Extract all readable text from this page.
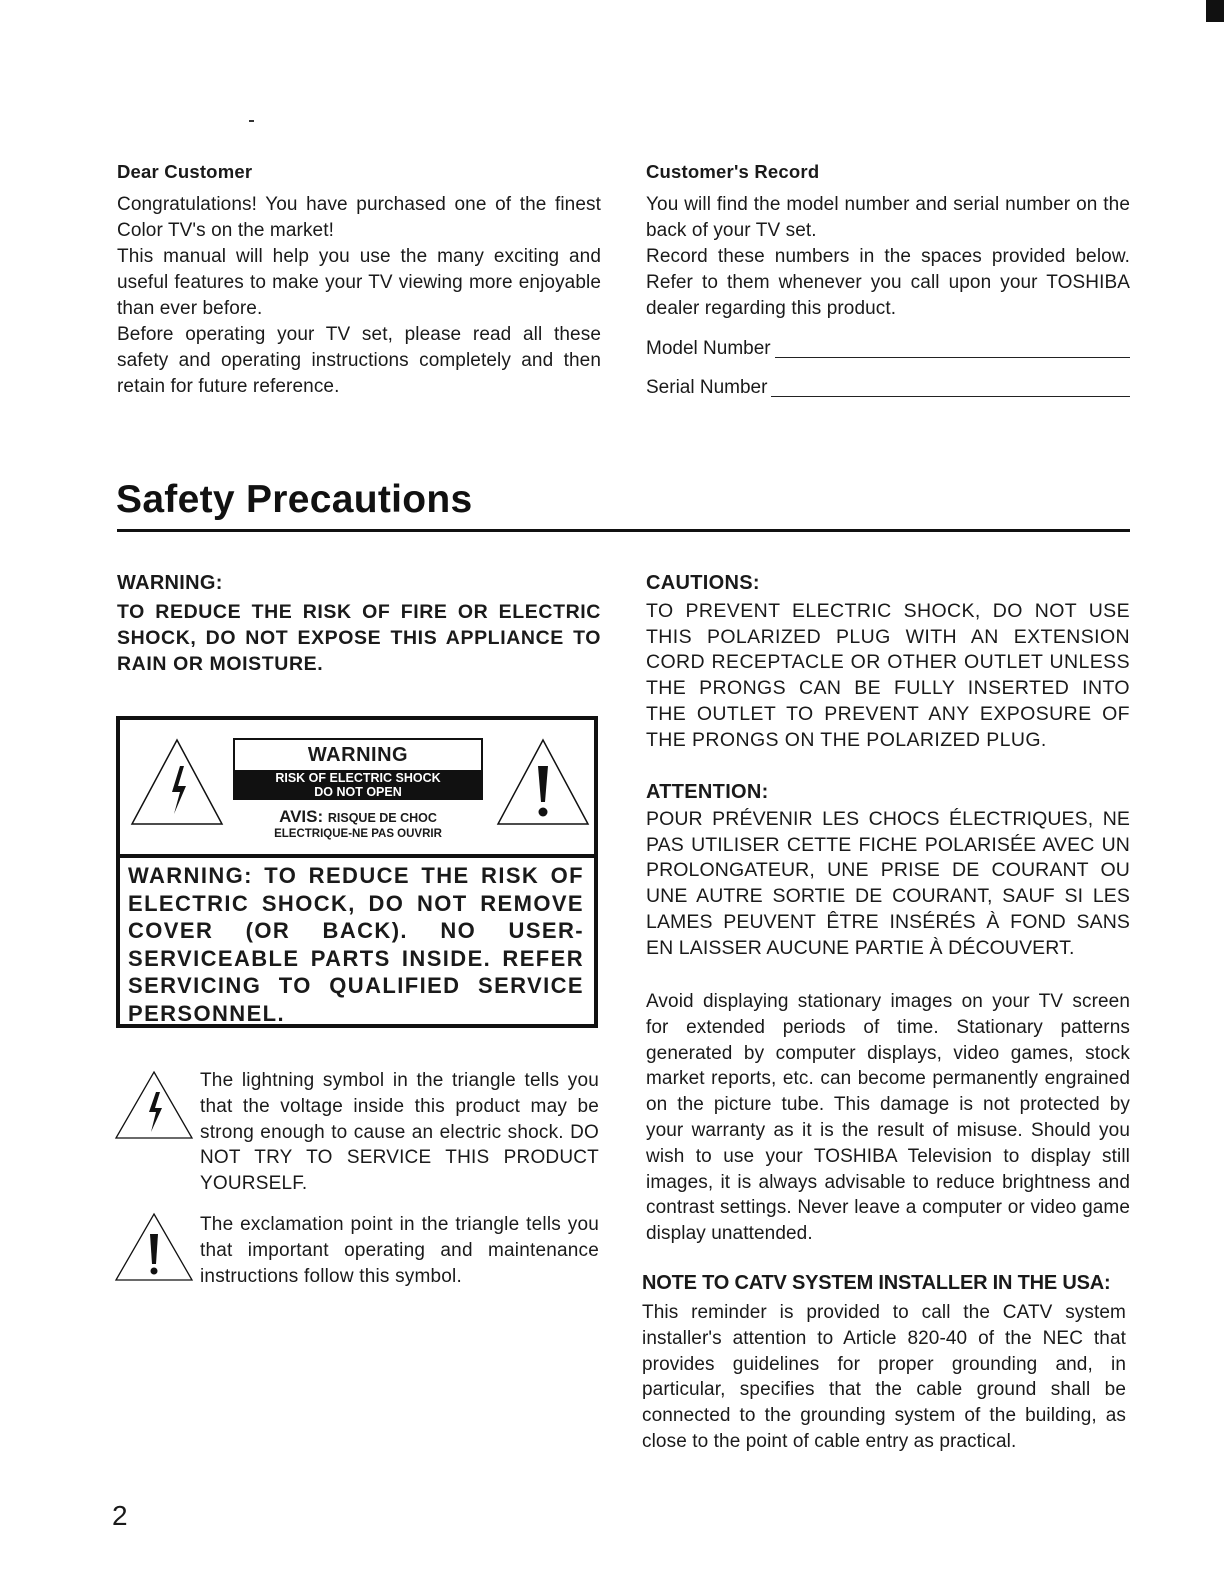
Dear Customer

Congratulations! You have purchased one of the finest Color TV's on the market!

This manual will help you use the many exciting and useful features to make your TV viewing more enjoyable than ever before.

Before operating your TV set, please read all these safety and operating instructions completely and then retain for future reference.

Customer's Record

You will find the model number and serial number on the back of your TV set.

Record these numbers in the spaces provided below. Refer to them whenever you call upon your TOSHIBA dealer regarding this product.

Model Number
Serial Number
Safety Precautions
WARNING:
TO REDUCE THE RISK OF FIRE OR ELECTRIC SHOCK, DO NOT EXPOSE THIS APPLIANCE TO RAIN OR MOISTURE.
WARNING
RISK OF ELECTRIC SHOCK
DO NOT OPEN
AVIS: RISQUE DE CHOC
ELECTRIQUE-NE PAS OUVRIR
WARNING: TO REDUCE THE RISK OF ELECTRIC SHOCK, DO NOT REMOVE COVER (OR BACK). NO USER-SERVICEABLE PARTS INSIDE. REFER SERVICING TO QUALIFIED SERVICE PERSONNEL.
The lightning symbol in the triangle tells you that the voltage inside this product may be strong enough to cause an electric shock. DO NOT TRY TO SERVICE THIS PRODUCT YOURSELF.
The exclamation point in the triangle tells you that important operating and maintenance instructions follow this symbol.
CAUTIONS:
TO PREVENT ELECTRIC SHOCK, DO NOT USE THIS POLARIZED PLUG WITH AN EXTENSION CORD RECEPTACLE OR OTHER OUTLET UNLESS THE PRONGS CAN BE FULLY INSERTED INTO THE OUTLET TO PREVENT ANY EXPOSURE OF THE PRONGS ON THE POLARIZED PLUG.
ATTENTION:
POUR PRÉVENIR LES CHOCS ÉLECTRIQUES, NE PAS UTILISER CETTE FICHE POLARISÉE AVEC UN PROLONGATEUR, UNE PRISE DE COURANT OU UNE AUTRE SORTIE DE COURANT, SAUF SI LES LAMES PEUVENT ÊTRE INSÉRÉS À FOND SANS EN LAISSER AUCUNE PARTIE À DÉCOUVERT.
Avoid displaying stationary images on your TV screen for extended periods of time. Stationary patterns generated by computer displays, video games, stock market reports, etc. can become permanently engrained on the picture tube. This damage is not protected by your warranty as it is the result of misuse. Should you wish to use your TOSHIBA Television to display still images, it is always advisable to reduce brightness and contrast settings. Never leave a computer or video game display unattended.
NOTE TO CATV SYSTEM INSTALLER IN THE USA:
This reminder is provided to call the CATV system installer's attention to Article 820-40 of the NEC that provides guidelines for proper grounding and, in particular, specifies that the cable ground shall be connected to the grounding system of the building, as close to the point of cable entry as practical.
2
